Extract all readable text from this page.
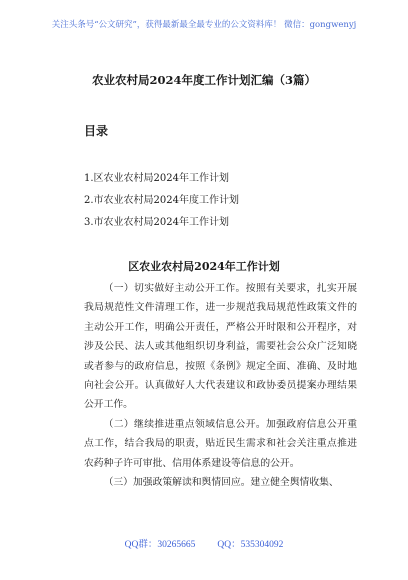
关注头条号“公文研究”，获得最新最全最专业的公文资料库！ 微信：gongwenyj
农业农村局2024年度工作计划汇编（3篇）
目录
1.区农业农村局2024年工作计划
2.市农业农村局2024年度工作计划
3.市农业农村局2024年工作计划
区农业农村局2024年工作计划

（一）切实做好主动公开工作。按照有关要求，扎实开展我局规范性文件清理工作，进一步规范我局规范性政策文件的主动公开工作，明确公开责任，严格公开时限和公开程序，对涉及公民、法人或其他组织切身利益，需要社会公众广泛知晓或者参与的政府信息，按照《条例》规定全面、准确、及时地向社会公开。认真做好人大代表建议和政协委员提案办理结果公开工作。

（二）继续推进重点领域信息公开。加强政府信息公开重点工作，结合我局的职责，贴近民生需求和社会关注重点推进农药种子许可审批、信用体系建设等信息的公开。

（三）加强政策解读和舆情回应。建立健全舆情收集、

QQ群：30265665 QQ：535304092
